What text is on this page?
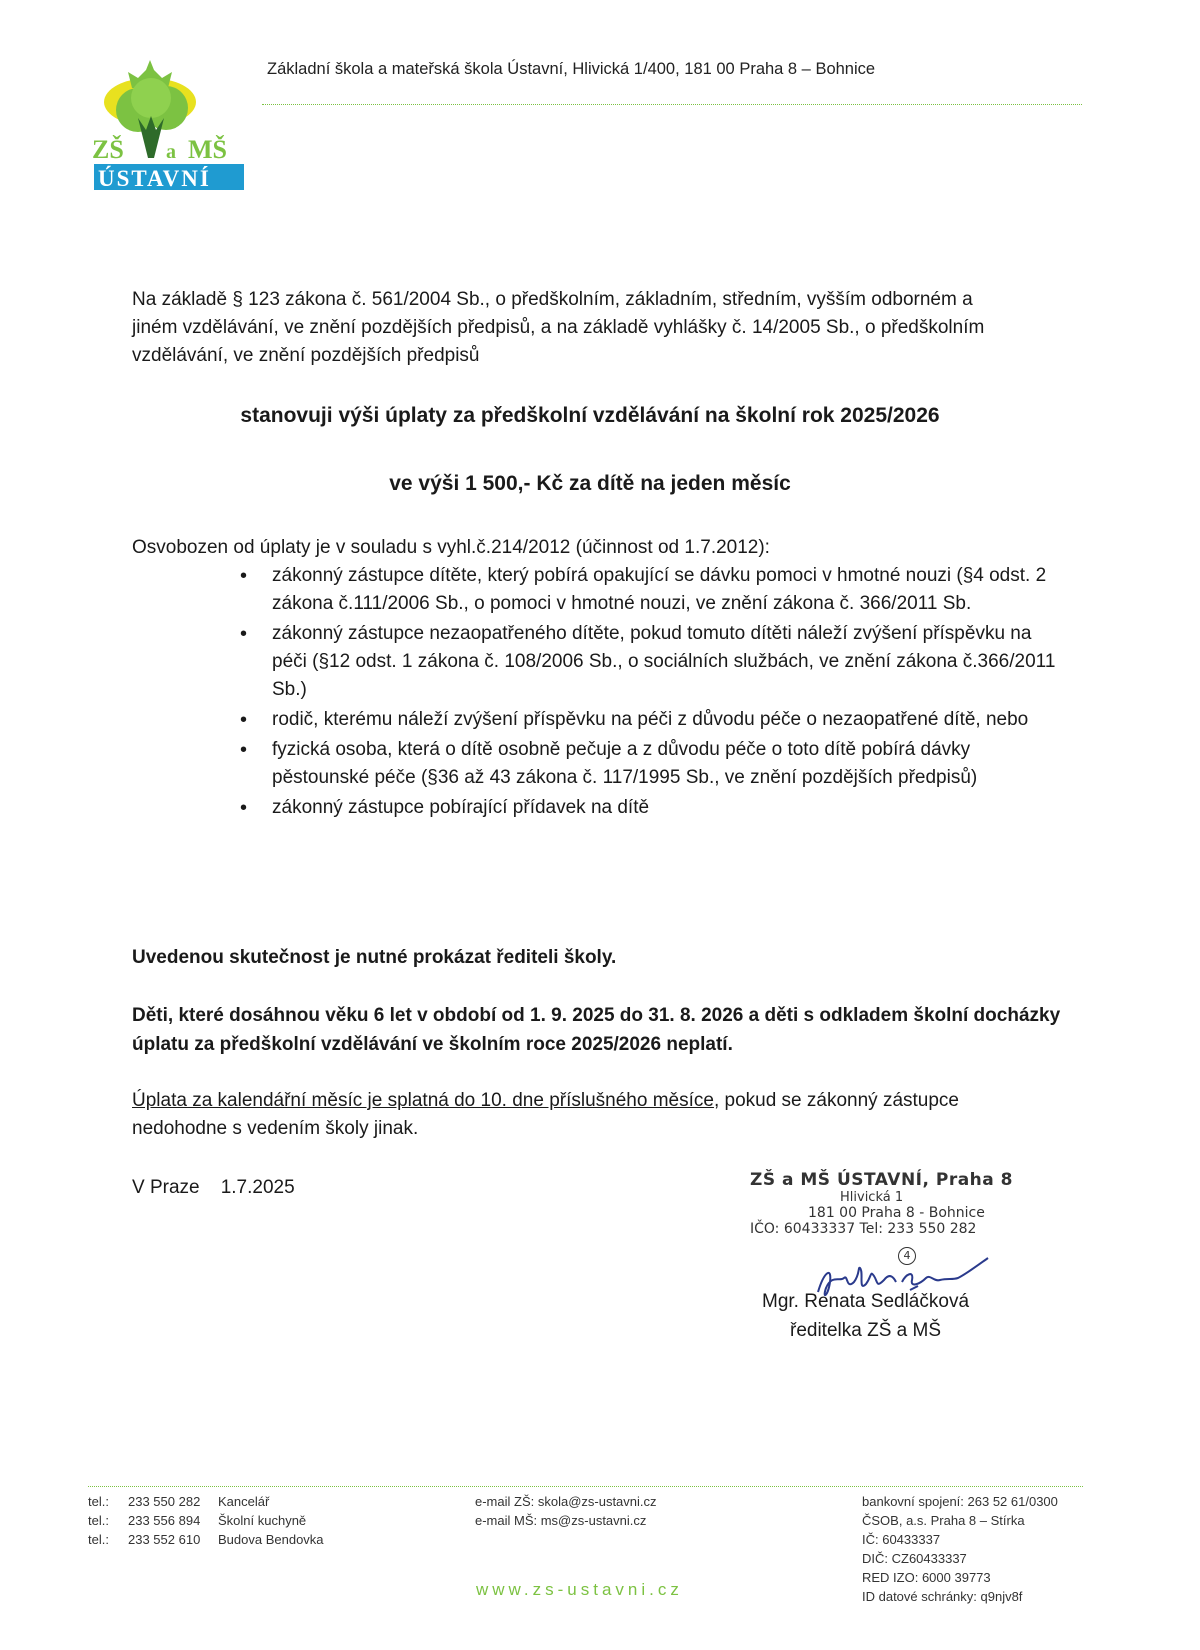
ZŠ a MŠ
ÚSTAVNÍ
Základní škola a mateřská škola Ústavní, Hlivická 1/400, 181 00 Praha 8 – Bohnice
Na základě § 123 zákona č. 561/2004 Sb., o předškolním, základním, středním, vyšším odborném a jiném vzdělávání, ve znění pozdějších předpisů, a na základě vyhlášky č. 14/2005 Sb., o předškolním vzdělávání, ve znění pozdějších předpisů
stanovuji výši úplaty za předškolní vzdělávání na školní rok 2025/2026
ve výši 1 500,- Kč za dítě na jeden měsíc
Osvobozen od úplaty je v souladu s vyhl.č.214/2012 (účinnost od 1.7.2012):
• zákonný zástupce dítěte, který pobírá opakující se dávku pomoci v hmotné nouzi (§4 odst. 2 zákona č.111/2006 Sb., o pomoci v hmotné nouzi, ve znění zákona č. 366/2011 Sb.
• zákonný zástupce nezaopatřeného dítěte, pokud tomuto dítěti náleží zvýšení příspěvku na péči (§12 odst. 1 zákona č. 108/2006 Sb., o sociálních službách, ve znění zákona č.366/2011 Sb.)
• rodič, kterému náleží zvýšení příspěvku na péči z důvodu péče o nezaopatřené dítě, nebo
• fyzická osoba, která o dítě osobně pečuje a z důvodu péče o toto dítě pobírá dávky pěstounské péče (§36 až 43 zákona č. 117/1995 Sb., ve znění pozdějších předpisů)
• zákonný zástupce pobírající přídavek na dítě
Uvedenou skutečnost je nutné prokázat řediteli školy.
Děti, které dosáhnou věku 6 let v období od 1. 9. 2025 do 31. 8. 2026 a děti s odkladem školní docházky úplatu za předškolní vzdělávání ve školním roce 2025/2026 neplatí.
Úplata za kalendářní měsíc je splatná do 10. dne příslušného měsíce, pokud se zákonný zástupce nedohodne s vedením školy jinak.
V Praze    1.7.2025	ZŠ a MŠ ÚSTAVNÍ, Praha 8
Hlivická 1
181 00 Praha 8 - Bohnice
IČO: 60433337 Tel: 233 550 282
4
Mgr. Renata Sedláčková
ředitelka ZŠ a MŠ
tel.: 233 550 282 Kancelář
tel.: 233 556 894 Školní kuchyně
tel.: 233 552 610 Budova Bendovka
e-mail ZŠ: skola@zs-ustavni.cz
e-mail MŠ: ms@zs-ustavni.cz
bankovní spojení: 263 52 61/0300
ČSOB, a.s. Praha 8 – Stírka
IČ: 60433337
DIČ: CZ60433337
RED IZO: 6000 39773
ID datové schránky: q9njv8f
www.zs-ustavni.cz
